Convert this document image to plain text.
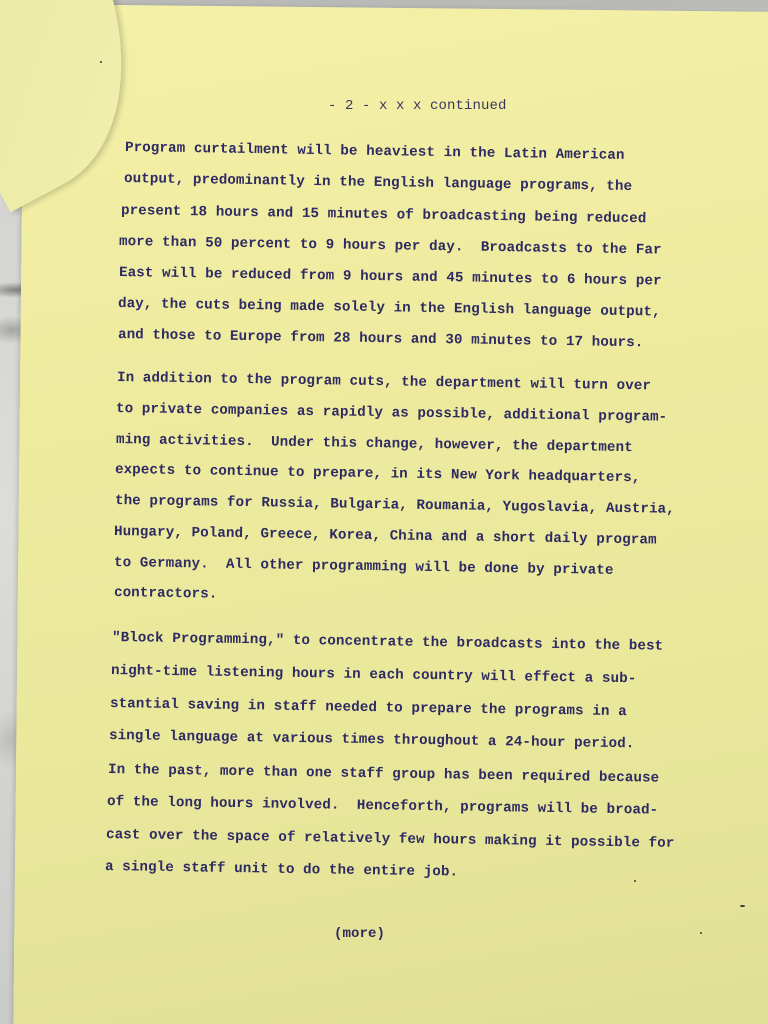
- 2 - x x x continued
Program curtailment will be heaviest in the Latin American
output, predominantly in the English language programs, the
present 18 hours and 15 minutes of broadcasting being reduced
more than 50 percent to 9 hours per day.  Broadcasts to the Far
East will be reduced from 9 hours and 45 minutes to 6 hours per
day, the cuts being made solely in the English language output,
and those to Europe from 28 hours and 30 minutes to 17 hours.
In addition to the program cuts, the department will turn over
to private companies as rapidly as possible, additional program-
ming activities.  Under this change, however, the department
expects to continue to prepare, in its New York headquarters,
the programs for Russia, Bulgaria, Roumania, Yugoslavia, Austria,
Hungary, Poland, Greece, Korea, China and a short daily program
to Germany.  All other programming will be done by private
contractors.
"Block Programming," to concentrate the broadcasts into the best
night-time listening hours in each country will effect a sub-
stantial saving in staff needed to prepare the programs in a
single language at various times throughout a 24-hour period.
In the past, more than one staff group has been required because
of the long hours involved.  Henceforth, programs will be broad-
cast over the space of relatively few hours making it possible for
a single staff unit to do the entire job.
(more)
